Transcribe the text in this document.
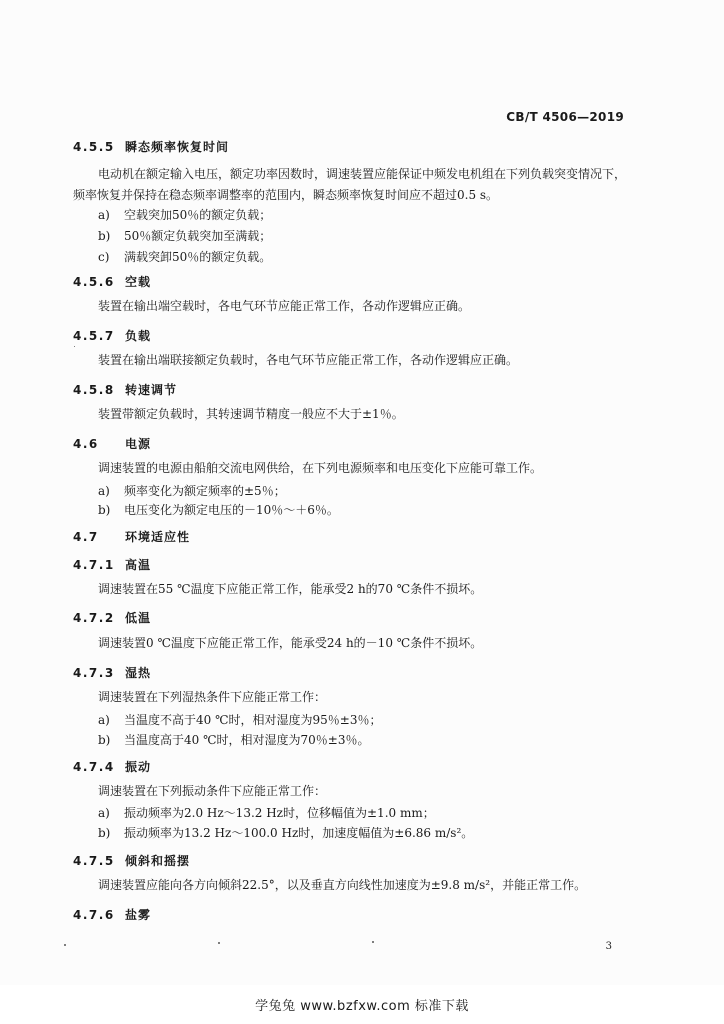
CB/T 4506—2019
4.5.5 瞬态频率恢复时间
电动机在额定输入电压，额定功率因数时，调速装置应能保证中频发电机组在下列负载突变情况下，频率恢复并保持在稳态频率调整率的范围内，瞬态频率恢复时间应不超过0.5 s。
a) 空载突加50％的额定负载；
b) 50％额定负载突加至满载；
c) 满载突卸50％的额定负载。
4.5.6 空载
装置在输出端空载时，各电气环节应能正常工作，各动作逻辑应正确。
4.5.7 负载
装置在输出端联接额定负载时，各电气环节应能正常工作，各动作逻辑应正确。
4.5.8 转速调节
装置带额定负载时，其转速调节精度一般应不大于±1％。
4.6 电源
调速装置的电源由船舶交流电网供给，在下列电源频率和电压变化下应能可靠工作。
a) 频率变化为额定频率的±5％；
b) 电压变化为额定电压的－10％～＋6％。
4.7 环境适应性
4.7.1 高温
调速装置在55 ℃温度下应能正常工作，能承受2 h的70 ℃条件不损坏。
4.7.2 低温
调速装置0 ℃温度下应能正常工作，能承受24 h的－10 ℃条件不损坏。
4.7.3 湿热
调速装置在下列湿热条件下应能正常工作：
a) 当温度不高于40 ℃时，相对湿度为95％±3％；
b) 当温度高于40 ℃时，相对湿度为70％±3％。
4.7.4 振动
调速装置在下列振动条件下应能正常工作：
a) 振动频率为2.0 Hz～13.2 Hz时，位移幅值为±1.0 mm；
b) 振动频率为13.2 Hz～100.0 Hz时，加速度幅值为±6.86 m/s²。
4.7.5 倾斜和摇摆
调速装置应能向各方向倾斜22.5°，以及垂直方向线性加速度为±9.8 m/s²，并能正常工作。
4.7.6 盐雾
3
学兔兔 www.bzfxw.com 标准下载
